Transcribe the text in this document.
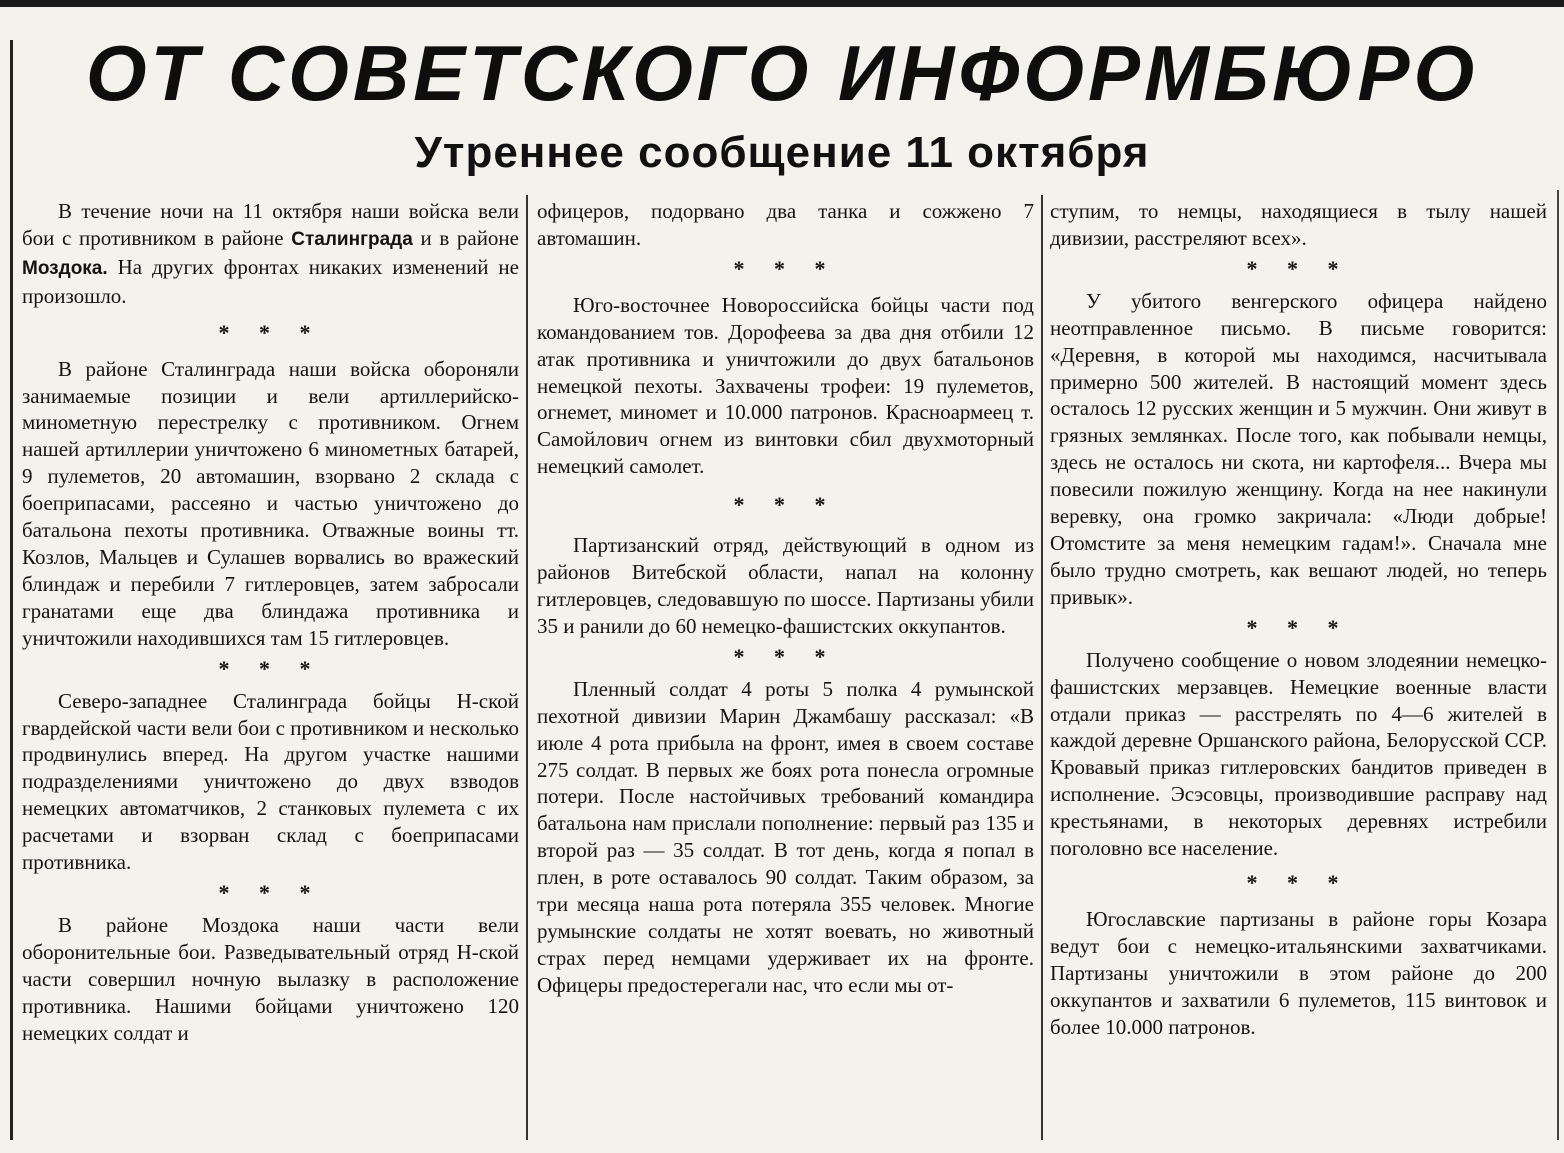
ОТ СОВЕТСКОГО ИНФОРМБЮРО
Утреннее сообщение 11 октября

В течение ночи на 11 октября наши войска вели бои с противником в районе Сталинграда и в районе Моздока. На других фронтах никаких изменений не произошло.

* * *

В районе Сталинграда наши войска обороняли занимаемые позиции и вели артиллерийско-минометную перестрелку с противником. Огнем нашей артиллерии уничтожено 6 минометных батарей, 9 пулеметов, 20 автомашин, взорвано 2 склада с боеприпасами, рассеяно и частью уничтожено до батальона пехоты противника. Отважные воины тт. Козлов, Мальцев и Сулашев ворвались во вражеский блиндаж и перебили 7 гитлеровцев, затем забросали гранатами еще два блиндажа противника и уничтожили находившихся там 15 гитлеровцев.

* * *

Северо-западнее Сталинграда бойцы Н-ской гвардейской части вели бои с противником и несколько продвинулись вперед. На другом участке нашими подразделениями уничтожено до двух взводов немецких автоматчиков, 2 станковых пулемета с их расчетами и взорван склад с боеприпасами противника.

* * *

В районе Моздока наши части вели оборонительные бои. Разведывательный отряд Н-ской части совершил ночную вылазку в расположение противника. Нашими бойцами уничтожено 120 немецких солдат и

офицеров, подорвано два танка и сожжено 7 автомашин.

* * *

Юго-восточнее Новороссийска бойцы части под командованием тов. Дорофеева за два дня отбили 12 атак противника и уничтожили до двух батальонов немецкой пехоты. Захвачены трофеи: 19 пулеметов, огнемет, миномет и 10.000 патронов. Красноармеец т. Самойлович огнем из винтовки сбил двухмоторный немецкий самолет.

* * *

Партизанский отряд, действующий в одном из районов Витебской области, напал на колонну гитлеровцев, следовавшую по шоссе. Партизаны убили 35 и ранили до 60 немецко-фашистских оккупантов.

* * *

Пленный солдат 4 роты 5 полка 4 румынской пехотной дивизии Марин Джамбашу рассказал: «В июле 4 рота прибыла на фронт, имея в своем составе 275 солдат. В первых же боях рота понесла огромные потери. После настойчивых требований командира батальона нам прислали пополнение: первый раз 135 и второй раз — 35 солдат. В тот день, когда я попал в плен, в роте оставалось 90 солдат. Таким образом, за три месяца наша рота потеряла 355 человек. Многие румынские солдаты не хотят воевать, но животный страх перед немцами удерживает их на фронте. Офицеры предостерегали нас, что если мы от-

ступим, то немцы, находящиеся в тылу нашей дивизии, расстреляют всех».

* * *

У убитого венгерского офицера найдено неотправленное письмо. В письме говорится: «Деревня, в которой мы находимся, насчитывала примерно 500 жителей. В настоящий момент здесь осталось 12 русских женщин и 5 мужчин. Они живут в грязных землянках. После того, как побывали немцы, здесь не осталось ни скота, ни картофеля... Вчера мы повесили пожилую женщину. Когда на нее накинули веревку, она громко закричала: «Люди добрые! Отомстите за меня немецким гадам!». Сначала мне было трудно смотреть, как вешают людей, но теперь привык».

* * *

Получено сообщение о новом злодеянии немецко-фашистских мерзавцев. Немецкие военные власти отдали приказ — расстрелять по 4—6 жителей в каждой деревне Оршанского района, Белорусской ССР. Кровавый приказ гитлеровских бандитов приведен в исполнение. Эсэсовцы, производившие расправу над крестьянами, в некоторых деревнях истребили поголовно все население.

* * *

Югославские партизаны в районе горы Козара ведут бои с немецко-итальянскими захватчиками. Партизаны уничтожили в этом районе до 200 оккупантов и захватили 6 пулеметов, 115 винтовок и более 10.000 патронов.
